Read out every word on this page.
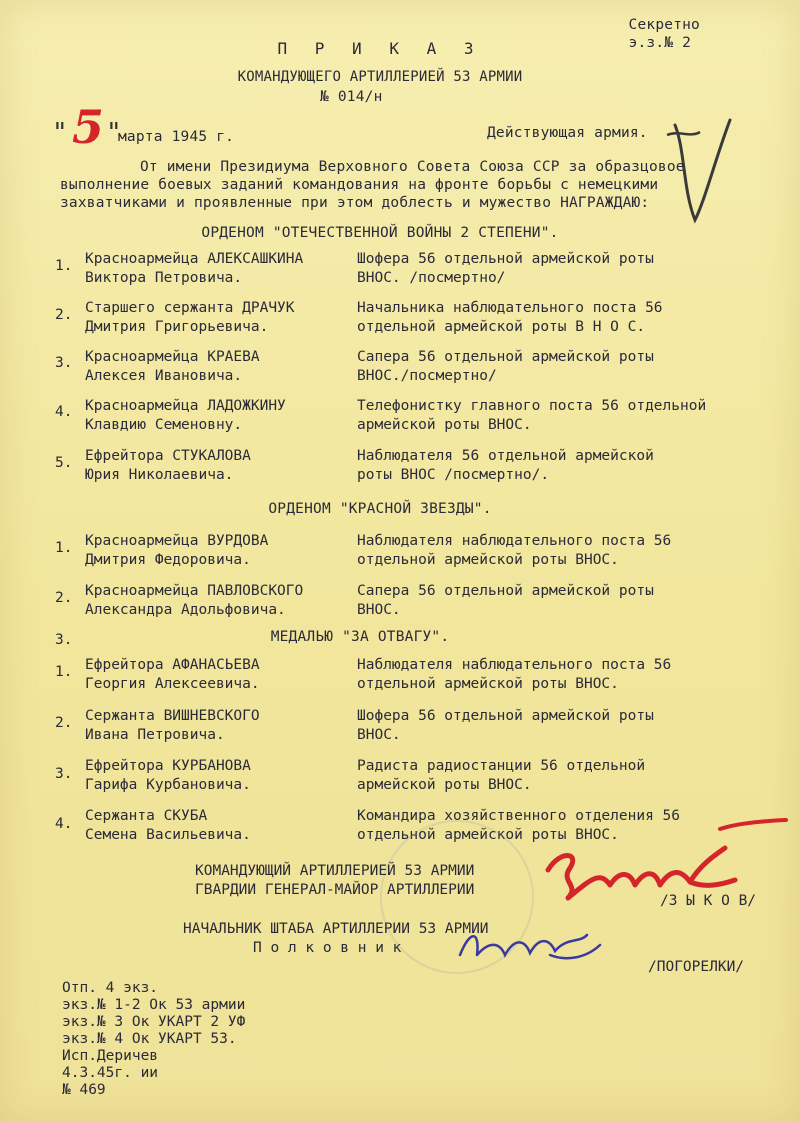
Секретно
э.з.№ 2
П Р И К А З
КОМАНДУЮЩЕГО АРТИЛЛЕРИЕЙ 53 АРМИИ
№ 014/н
" 5 "
марта 1945 г.	Действующая армия.
От имени Президиума Верховного Совета Союза ССР за образцовое выполнение боевых заданий командования на фронте борьбы с немецкими захватчиками и проявленные при этом доблесть и мужество НАГРАЖДАЮ:
ОРДЕНОМ "ОТЕЧЕСТВЕННОЙ ВОЙНЫ 2 СТЕПЕНИ".
1. Красноармейца АЛЕКСАШКИНА
Виктора Петровича.
Шофера 56 отдельной армейской роты
ВНОС. /посмертно/
2. Старшего сержанта ДРАЧУК
Дмитрия Григорьевича.
Начальника наблюдательного поста 56
отдельной армейской роты В Н О С.
3. Красноармейца КРАЕВА
Алексея Ивановича.
Сапера 56 отдельной армейской роты
ВНОС./посмертно/
4. Красноармейца ЛАДОЖКИНУ
Клавдию Семеновну.
Телефонистку главного поста 56 отдельной
армейской роты ВНОС.
5. Ефрейтора СТУКАЛОВА
Юрия Николаевича.
Наблюдателя 56 отдельной армейской
роты ВНОС /посмертно/.
ОРДЕНОМ "КРАСНОЙ ЗВЕЗДЫ".
1. Красноармейца ВУРДОВА
Дмитрия Федоровича.
Наблюдателя наблюдательного поста 56
отдельной армейской роты ВНОС.
2. Красноармейца ПАВЛОВСКОГО
Александра Адольфовича.
Сапера 56 отдельной армейской роты
ВНОС.
3.	МЕДАЛЬЮ "ЗА ОТВАГУ".
1. Ефрейтора АФАНАСЬЕВА
Георгия Алексеевича.
Наблюдателя наблюдательного поста 56
отдельной армейской роты ВНОС.
2. Сержанта ВИШНЕВСКОГО
Ивана Петровича.
Шофера 56 отдельной армейской роты
ВНОС.
3. Ефрейтора КУРБАНОВА
Гарифа Курбановича.
Радиста радиостанции 56 отдельной
армейской роты ВНОС.
4. Сержанта СКУБА
Семена Васильевича.
Командира хозяйственного отделения 56
отдельной армейской роты ВНОС.
КОМАНДУЮЩИЙ АРТИЛЛЕРИЕЙ 53 АРМИИ
ГВАРДИИ ГЕНЕРАЛ-МАЙОР АРТИЛЛЕРИИ
/З Ы К О В/
НАЧАЛЬНИК ШТАБА АРТИЛЛЕРИИ 53 АРМИИ
П о л к о в н и к
/ПОГОРЕЛКИ/
Отп. 4 экз.
экз.№ 1-2 Ок 53 армии
экз.№ 3 Ок УКАРТ 2 УФ
экз.№ 4 Ок УКАРТ 53.
Исп.Деричев
4.3.45г. ии
№ 469
